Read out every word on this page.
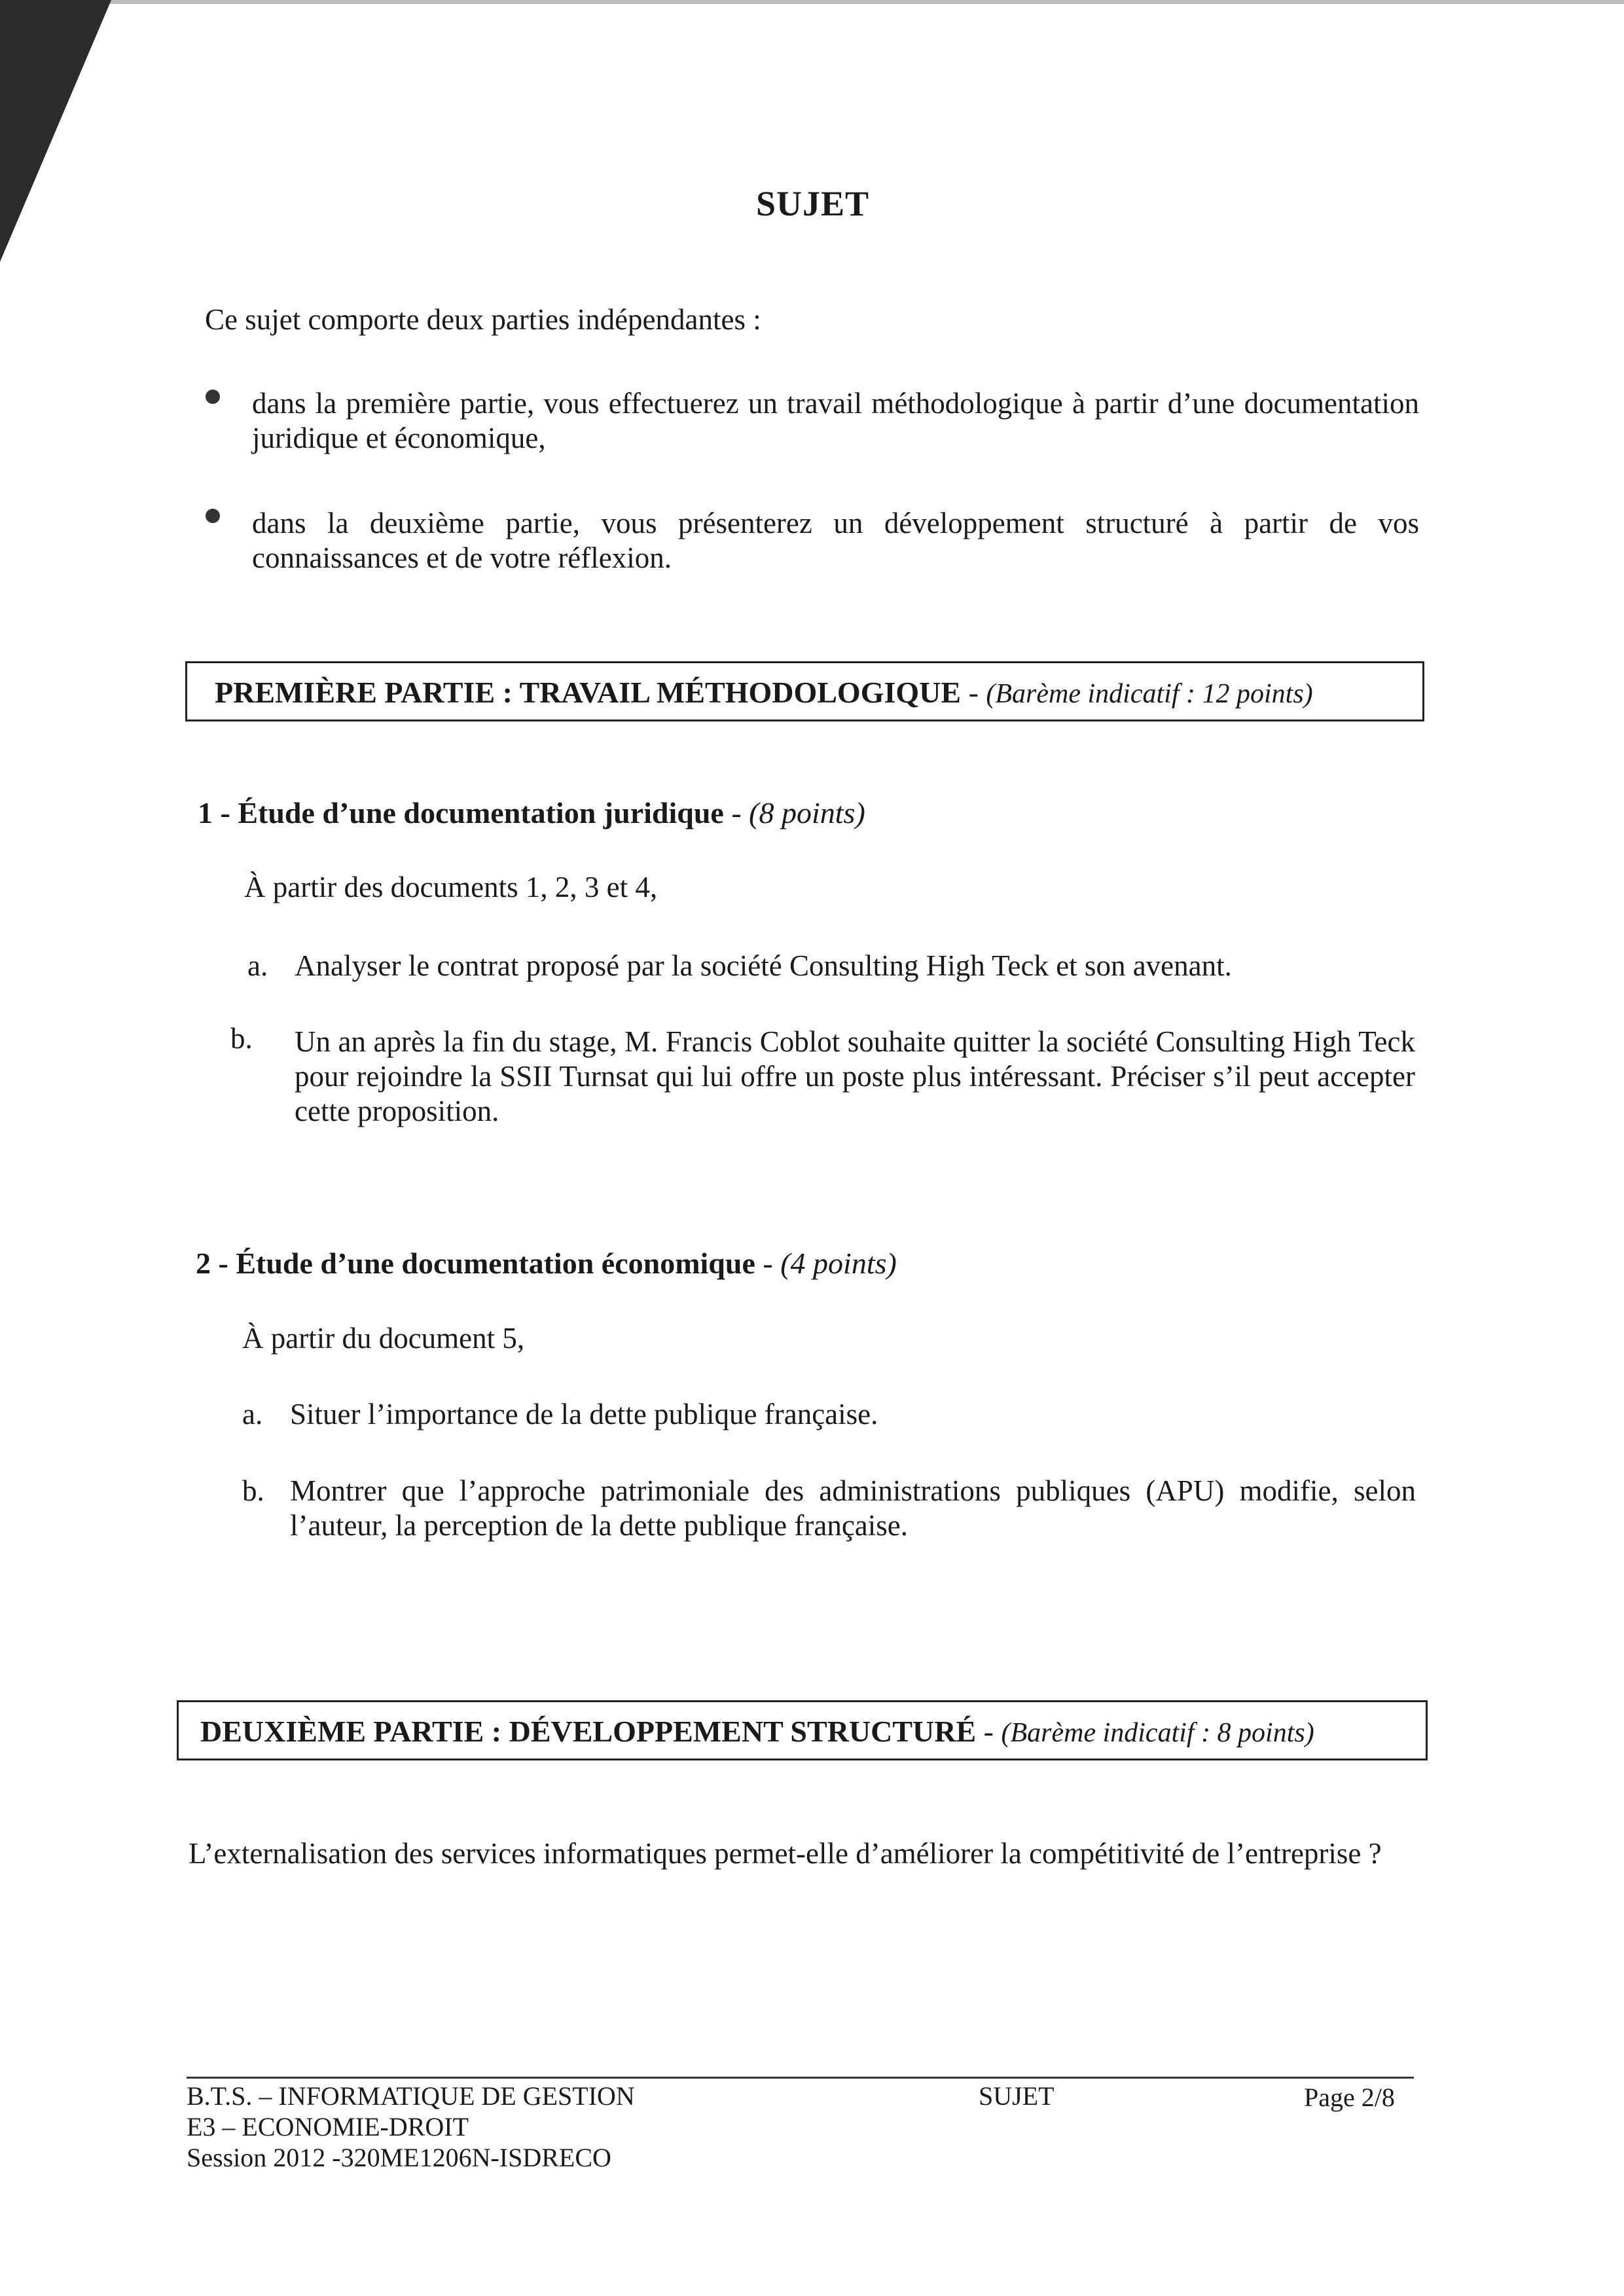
SUJET
Ce sujet comporte deux parties indépendantes :
dans la première partie, vous effectuerez un travail méthodologique à partir d’une documentation juridique et économique,
dans la deuxième partie, vous présenterez un développement structuré à partir de vos connaissances et de votre réflexion.
PREMIÈRE PARTIE : TRAVAIL MÉTHODOLOGIQUE - (Barème indicatif : 12 points)
1 - Étude d’une documentation juridique - (8 points)
À partir des documents 1, 2, 3 et 4,
a. Analyser le contrat proposé par la société Consulting High Teck et son avenant.
b. Un an après la fin du stage, M. Francis Coblot souhaite quitter la société Consulting High Teck pour rejoindre la SSII Turnsat qui lui offre un poste plus intéressant. Préciser s’il peut accepter cette proposition.
2 - Étude d’une documentation économique - (4 points)
À partir du document 5,
a. Situer l’importance de la dette publique française.
b. Montrer que l’approche patrimoniale des administrations publiques (APU) modifie, selon l’auteur, la perception de la dette publique française.
DEUXIÈME PARTIE : DÉVELOPPEMENT STRUCTURÉ - (Barème indicatif : 8 points)
L’externalisation des services informatiques permet-elle d’améliorer la compétitivité de l’entreprise ?
B.T.S. – INFORMATIQUE DE GESTION
E3 – ECONOMIE-DROIT
Session 2012 -320ME1206N-ISDRECO
SUJET	Page 2/8
